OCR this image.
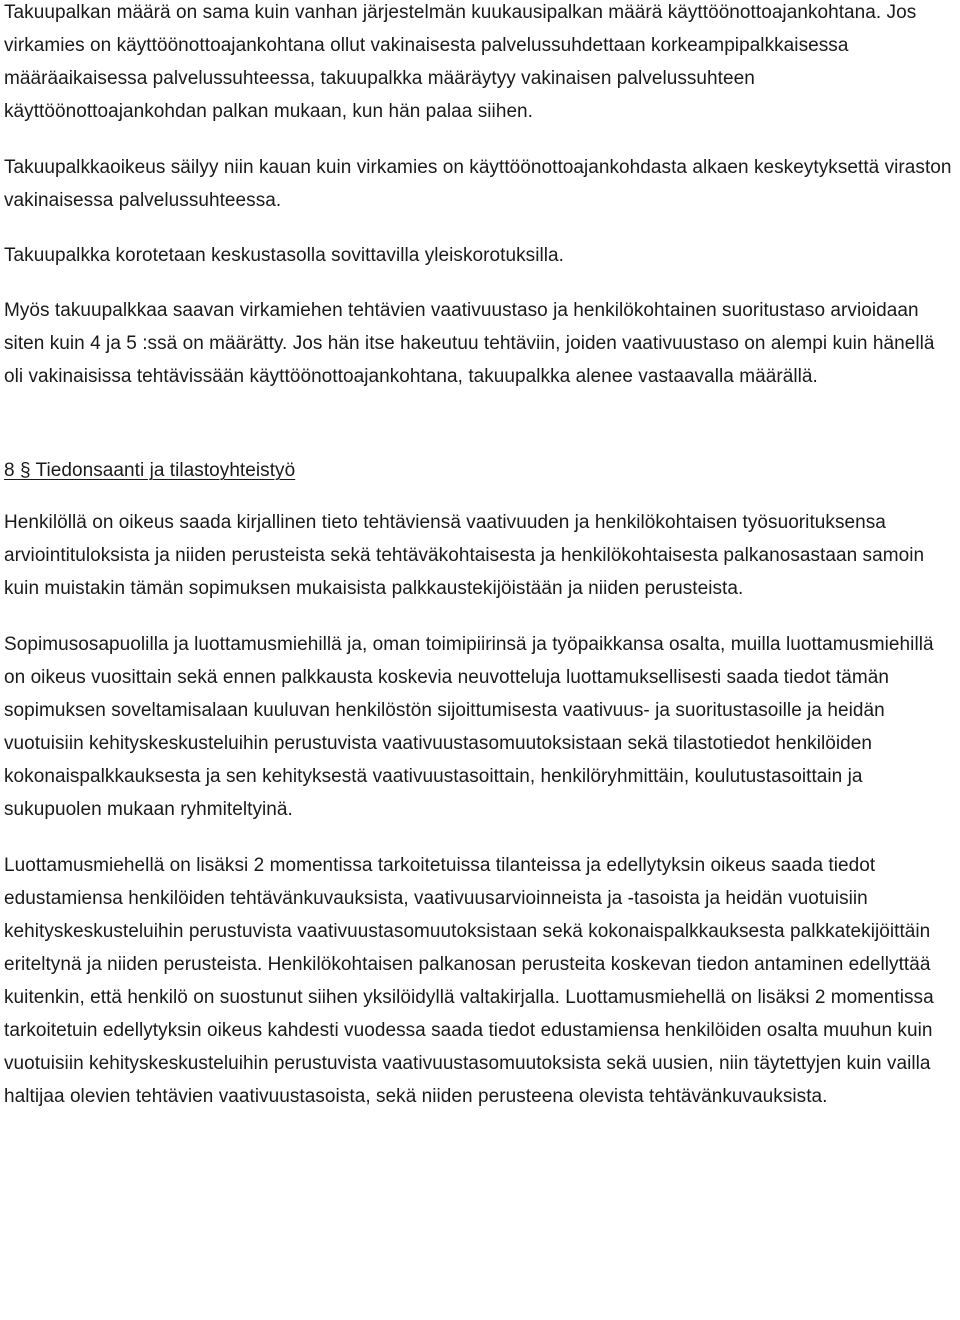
Takuupalkan määrä on sama kuin vanhan järjestelmän kuukausipalkan määrä käyttöönottoajankohtana. Jos virkamies on käyttöönottoajankohtana ollut vakinaisesta palvelussuhdettaan korkeampipalkkaisessa määräaikaisessa palvelussuhteessa, takuupalkka määräytyy vakinaisen palvelussuhteen käyttöönottoajankohdan palkan mukaan, kun hän palaa siihen.

Takuupalkkaoikeus säilyy niin kauan kuin virkamies on käyttöönottoajankohdasta alkaen keskeytyksettä viraston vakinaisessa palvelussuhteessa.

Takuupalkka korotetaan keskustasolla sovittavilla yleiskorotuksilla.

Myös takuupalkkaa saavan virkamiehen tehtävien vaativuustaso ja henkilökohtainen suoritustaso arvioidaan siten kuin 4 ja 5 :ssä on määrätty. Jos hän itse hakeutuu tehtäviin, joiden vaativuustaso on alempi kuin hänellä oli vakinaisissa tehtävissään käyttöönottoajankohtana, takuupalkka alenee vastaavalla määrällä.

8 § Tiedonsaanti ja tilastoyhteistyö

Henkilöllä on oikeus saada kirjallinen tieto tehtäviensä vaativuuden ja henkilökohtaisen työsuorituksensa arviointituloksista ja niiden perusteista sekä tehtäväkohtaisesta ja henkilökohtaisesta palkanosastaan samoin kuin muistakin tämän sopimuksen mukaisista palkkaustekijöistään ja niiden perusteista.

Sopimusosapuolilla ja luottamusmiehillä ja, oman toimipiirinsä ja työpaikkansa osalta, muilla luottamusmiehillä on oikeus vuosittain sekä ennen palkkausta koskevia neuvotteluja luottamuksellisesti saada tiedot tämän sopimuksen soveltamisalaan kuuluvan henkilöstön sijoittumisesta vaativuus- ja suoritustasoille ja heidän vuotuisiin kehityskeskusteluihin perustuvista vaativuustasomuutoksistaan sekä tilastotiedot henkilöiden kokonaispalkkauksesta ja sen kehityksestä vaativuustasoittain, henkilöryhmittäin, koulutustasoittain ja sukupuolen mukaan ryhmiteltyinä.

Luottamusmiehellä on lisäksi 2 momentissa tarkoitetuissa tilanteissa ja edellytyksin oikeus saada tiedot edustamiensa henkilöiden tehtävänkuvauksista, vaativuusarvioinneista ja -tasoista ja heidän vuotuisiin kehityskeskusteluihin perustuvista vaativuustasomuutoksistaan sekä kokonaispalkkauksesta palkkatekijöittäin eriteltynä ja niiden perusteista. Henkilökohtaisen palkanosan perusteita koskevan tiedon antaminen edellyttää kuitenkin, että henkilö on suostunut siihen yksilöidyllä valtakirjalla. Luottamusmiehellä on lisäksi 2 momentissa tarkoitetuin edellytyksin oikeus kahdesti vuodessa saada tiedot edustamiensa henkilöiden osalta muuhun kuin vuotuisiin kehityskeskusteluihin perustuvista vaativuustasomuutoksista sekä uusien, niin täytettyjen kuin vailla haltijaa olevien tehtävien vaativuustasoista, sekä niiden perusteena olevista tehtävänkuvauksista.
